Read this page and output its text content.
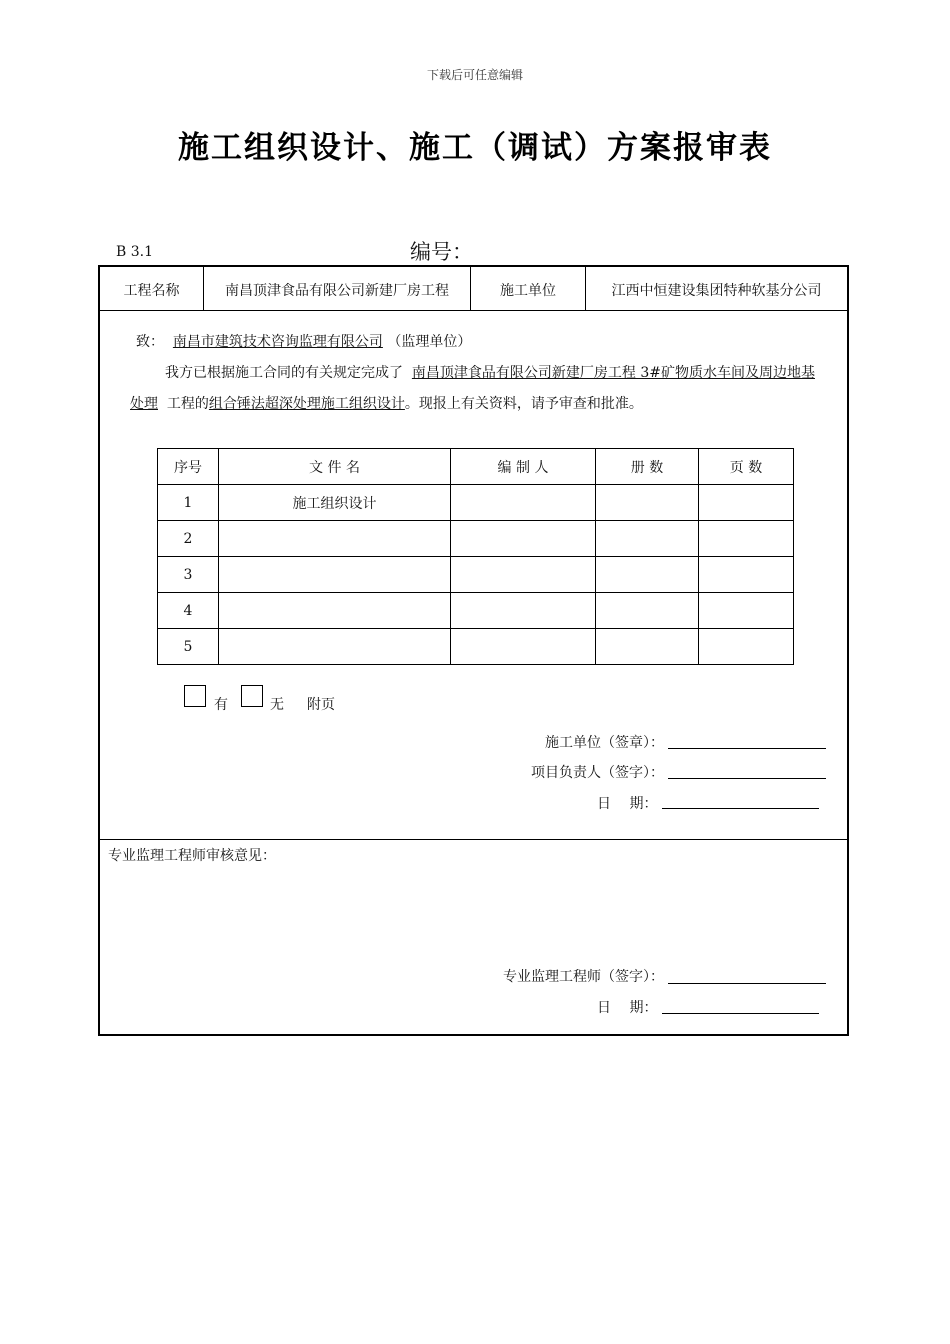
下载后可任意编辑
施工组织设计、施工（调试）方案报审表
B 3.1	编号：
工程名称	南昌顶津食品有限公司新建厂房工程	施工单位	江西中恒建设集团特种软基分公司
致： 南昌市建筑技术咨询监理有限公司 （监理单位）
我方已根据施工合同的有关规定完成了 南昌顶津食品有限公司新建厂房工程 3#矿物质水车间及周边地基
处理 工程的组合锤法超深处理施工组织设计。现报上有关资料，请予审查和批准。
序号	文 件 名	编 制 人	册 数	页 数
1	施工组织设计			
2				
3				
4				
5				
有	无 附页
施工单位（签章）：
项目负责人（签字）：
日　 期：
专业监理工程师审核意见：
专业监理工程师（签字）：
日　 期：
